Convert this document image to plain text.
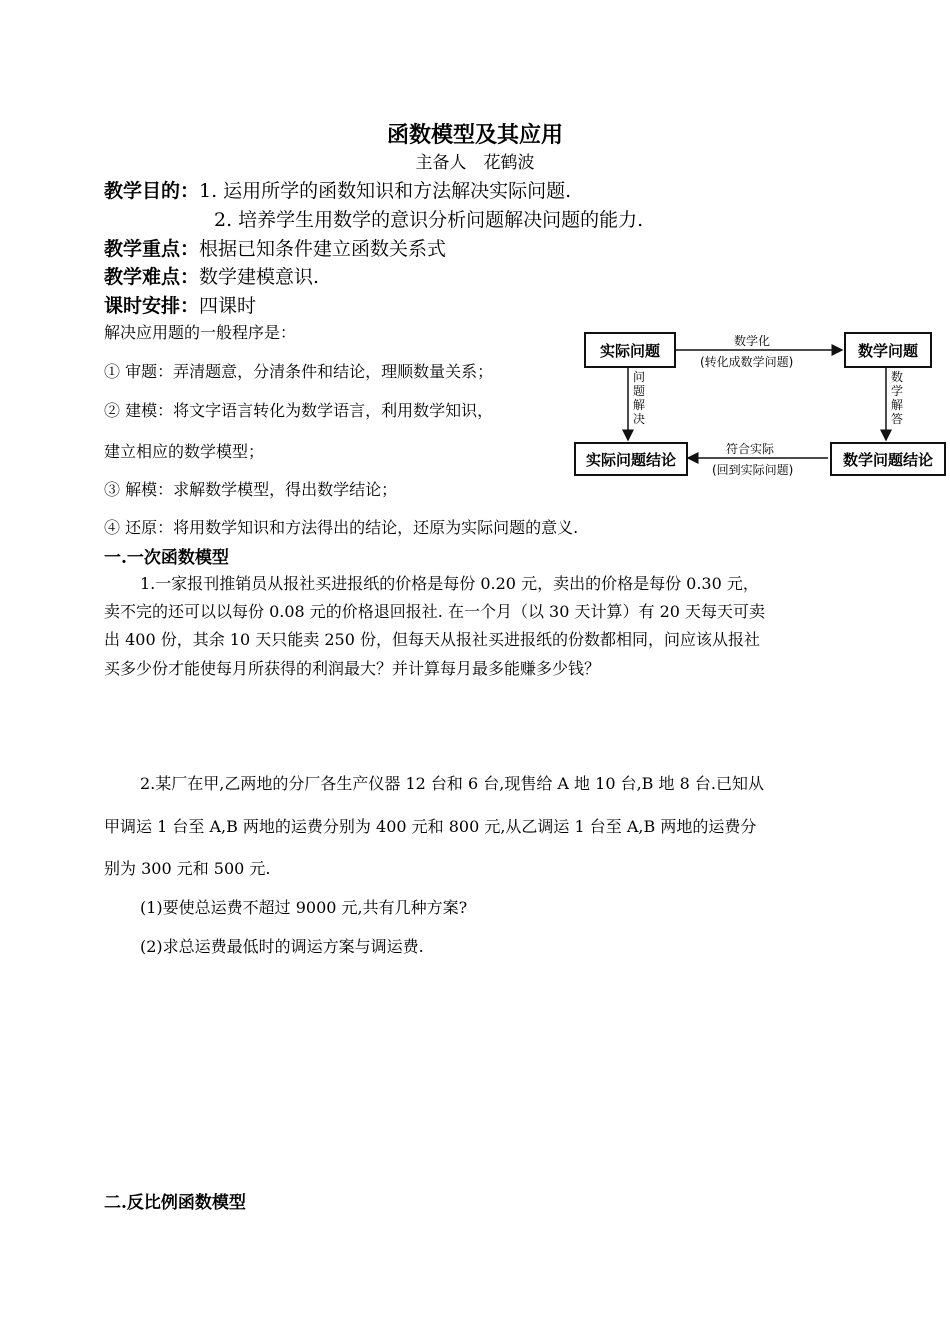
函数模型及其应用
主备人　花鹤波
教学目的：1. 运用所学的函数知识和方法解决实际问题.
2. 培养学生用数学的意识分析问题解决问题的能力.
教学重点：根据已知条件建立函数关系式
教学难点：数学建模意识.
课时安排：四课时
解决应用题的一般程序是：
① 审题：弄清题意，分清条件和结论，理顺数量关系；
② 建模：将文字语言转化为数学语言，利用数学知识，
建立相应的数学模型；
③ 解模：求解数学模型，得出数学结论；
④ 还原：将用数学知识和方法得出的结论，还原为实际问题的意义.
实际问题	数学问题
实际问题结论	数学问题结论
数学化
(转化成数学问题)
数学解答
问题解决
符合实际
(回到实际问题)
一.一次函数模型
1.一家报刊推销员从报社买进报纸的价格是每份 0.20 元，卖出的价格是每份 0.30 元，
卖不完的还可以以每份 0.08 元的价格退回报社. 在一个月（以 30 天计算）有 20 天每天可卖
出 400 份，其余 10 天只能卖 250 份，但每天从报社买进报纸的份数都相同，问应该从报社
买多少份才能使每月所获得的利润最大？并计算每月最多能赚多少钱？
2.某厂在甲,乙两地的分厂各生产仪器 12 台和 6 台,现售给 A 地 10 台,B 地 8 台.已知从
甲调运 1 台至 A,B 两地的运费分别为 400 元和 800 元,从乙调运 1 台至 A,B 两地的运费分
别为 300 元和 500 元.
(1)要使总运费不超过 9000 元,共有几种方案?
(2)求总运费最低时的调运方案与调运费.
二.反比例函数模型
